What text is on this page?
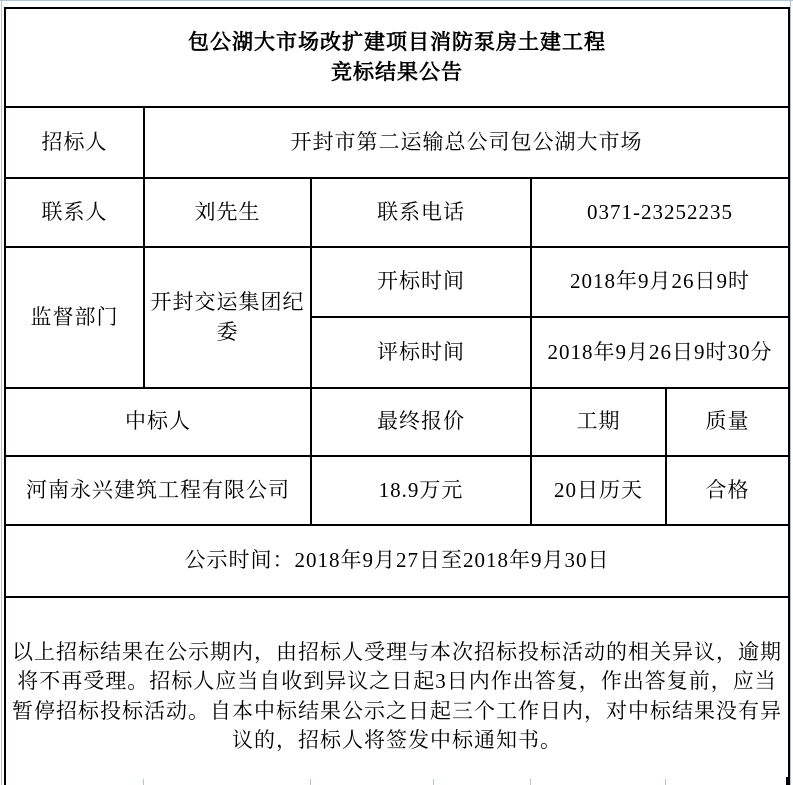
包公湖大市场改扩建项目消防泵房土建工程
竞标结果公告				

招标人	开封市第二运输总公司包公湖大市场			
联系人	刘先生	联系电话	0371-23252235	
监督部门	开封交运集团纪委	开标时间	2018年9月26日9时	
		评标时间	2018年9月26日9时30分	
中标人		最终报价	工期	质量
河南永兴建筑工程有限公司		18.9万元	20日历天	合格
公示时间：2018年9月27日至2018年9月30日				
以上招标结果在公示期内，由招标人受理与本次招标投标活动的相关异议，逾期将不再受理。招标人应当自收到异议之日起3日内作出答复，作出答复前，应当暂停招标投标活动。自本中标结果公示之日起三个工作日内，对中标结果没有异议的，招标人将签发中标通知书。				
